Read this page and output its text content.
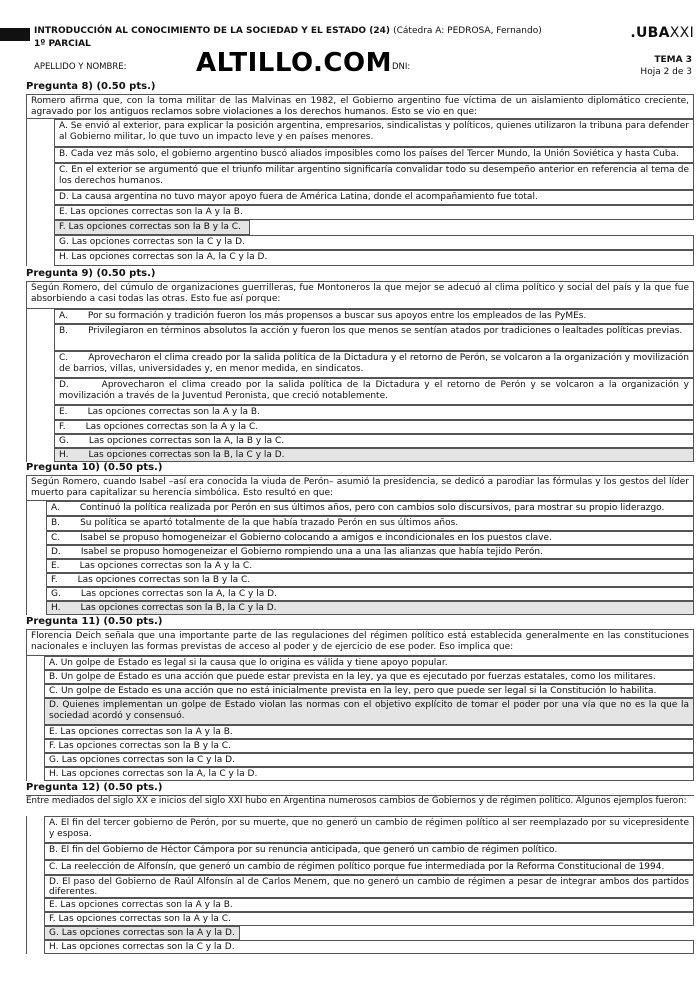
INTRODUCCIÓN AL CONOCIMIENTO DE LA SOCIEDAD Y EL ESTADO (24) (Cátedra A: PEDROSA, Fernando)
1º PARCIAL
.UBAXXI
TEMA 3
Hoja 2 de 3
APELLIDO Y NOMBRE:	DNI:
ALTILLO.COM
Pregunta 8) (0.50 pts.)
Romero afirma que, con la toma militar de las Malvinas en 1982, el Gobierno argentino fue víctima de un aislamiento diplomático creciente, agravado por los antiguos reclamos sobre violaciones a los derechos humanos. Esto se vio en que:
A. Se envió al exterior, para explicar la posición argentina, empresarios, sindicalistas y políticos, quienes utilizaron la tribuna para defender al Gobierno militar, lo que tuvo un impacto leve y en países menores.
B. Cada vez más solo, el gobierno argentino buscó aliados imposibles como los países del Tercer Mundo, la Unión Soviética y hasta Cuba.
C. En el exterior se argumentó que el triunfo militar argentino significaría convalidar todo su desempeño anterior en referencia al tema de los derechos humanos.
D. La causa argentina no tuvo mayor apoyo fuera de América Latina, donde el acompañamiento fue total.
E. Las opciones correctas son la A y la B.
F. Las opciones correctas son la B y la C.
G. Las opciones correctas son la C y la D.
H. Las opciones correctas son la A, la C y la D.
Pregunta 9) (0.50 pts.)
Según Romero, del cúmulo de organizaciones guerrilleras, fue Montoneros la que mejor se adecuó al clima político y social del país y la que fue absorbiendo a casi todas las otras. Esto fue así porque:
A. Por su formación y tradición fueron los más propensos a buscar sus apoyos entre los empleados de las PyMEs.
B. Privilegiaron en términos absolutos la acción y fueron los que menos se sentían atados por tradiciones o lealtades políticas previas.
C. Aprovecharon el clima creado por la salida política de la Dictadura y el retorno de Perón, se volcaron a la organización y movilización de barrios, villas, universidades y, en menor medida, en sindicatos.
D.	Aprovecharon el clima creado por la salida política de la Dictadura y el retorno de Perón y se volcaron a la organización y movilización a través de la Juventud Peronista, que creció notablemente.
E. Las opciones correctas son la A y la B.
F. Las opciones correctas son la A y la C.
G. Las opciones correctas son la A, la B y la C.
H. Las opciones correctas son la B, la C y la D.
Pregunta 10) (0.50 pts.)
Según Romero, cuando Isabel –así era conocida la viuda de Perón– asumió la presidencia, se dedicó a parodiar las fórmulas y los gestos del líder muerto para capitalizar su herencia simbólica. Esto resultó en que:
A. Continuó la política realizada por Perón en sus últimos años, pero con cambios solo discursivos, para mostrar su propio liderazgo.
B. Su política se apartó totalmente de la que había trazado Perón en sus últimos años.
C. Isabel se propuso homogeneizar el Gobierno colocando a amigos e incondicionales en los puestos clave.
D. Isabel se propuso homogeneizar el Gobierno rompiendo una a una las alianzas que había tejido Perón.
E. Las opciones correctas son la A y la C.
F. Las opciones correctas son la B y la C.
G. Las opciones correctas son la A, la C y la D.
H. Las opciones correctas son la B, la C y la D.
Pregunta 11) (0.50 pts.)
Florencia Deich señala que una importante parte de las regulaciones del régimen político está establecida generalmente en las constituciones nacionales e incluyen las formas previstas de acceso al poder y de ejercicio de ese poder. Eso implica que:
A. Un golpe de Estado es legal si la causa que lo origina es válida y tiene apoyo popular.
B. Un golpe de Estado es una acción que puede estar prevista en la ley, ya que es ejecutado por fuerzas estatales, como los militares.
C. Un golpe de Estado es una acción que no está inicialmente prevista en la ley, pero que puede ser legal si la Constitución lo habilita.
D. Quienes implementan un golpe de Estado violan las normas con el objetivo explícito de tomar el poder por una vía que no es la que la sociedad acordó y consensuó.
E. Las opciones correctas son la A y la B.
F. Las opciones correctas son la B y la C.
G. Las opciones correctas son la C y la D.
H. Las opciones correctas son la A, la C y la D.
Pregunta 12) (0.50 pts.)
Entre mediados del siglo XX e inicios del siglo XXI hubo en Argentina numerosos cambios de Gobiernos y de régimen político. Algunos ejemplos fueron:
A. El fin del tercer gobierno de Perón, por su muerte, que no generó un cambio de régimen político al ser reemplazado por su vicepresidente y esposa.
B. El fin del Gobierno de Héctor Cámpora por su renuncia anticipada, que generó un cambio de régimen político.
C. La reelección de Alfonsín, que generó un cambio de régimen político porque fue intermediada por la Reforma Constitucional de 1994.
D. El paso del Gobierno de Raúl Alfonsín al de Carlos Menem, que no generó un cambio de régimen a pesar de integrar ambos dos partidos diferentes.
E. Las opciones correctas son la A y la B.
F. Las opciones correctas son la A y la C.
G. Las opciones correctas son la A y la D.
H. Las opciones correctas son la C y la D.
